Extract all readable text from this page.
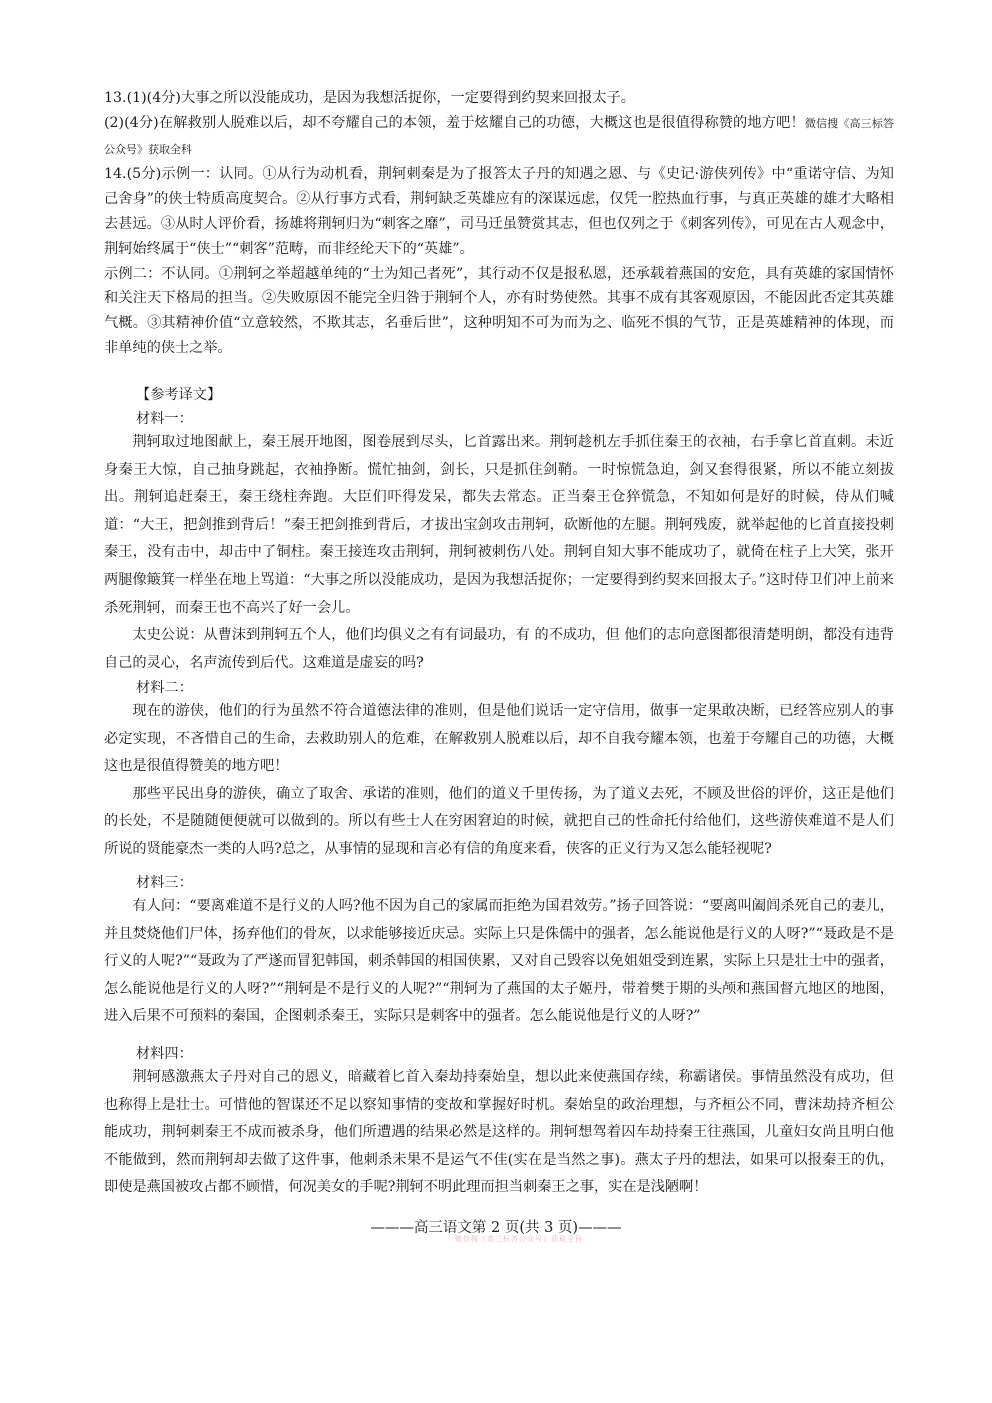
13.(1)(4分)大事之所以没能成功，是因为我想活捉你，一定要得到约契来回报太子。

(2)(4分)在解救别人脱难以后，却不夸耀自己的本领，羞于炫耀自己的功德，大概这也是很值得称赞的地方吧！微信搜《高三标答公众号》获取全科

14.(5分)示例一：认同。①从行为动机看，荆轲刺秦是为了报答太子丹的知遇之恩、与《史记·游侠列传》中“重诺守信、为知己舍身”的侠士特质高度契合。②从行事方式看，荆轲缺乏英雄应有的深谋远虑，仅凭一腔热血行事，与真正英雄的雄才大略相去甚远。③从时人评价看，扬雄将荆轲归为“刺客之靡”，司马迁虽赞赏其志，但也仅列之于《刺客列传》，可见在古人观念中，荆轲始终属于“侠士”“刺客”范畴，而非经纶天下的“英雄”。

示例二：不认同。①荆轲之举超越单纯的“士为知己者死”，其行动不仅是报私恩，还承载着燕国的安危，具有英雄的家国情怀和关注天下格局的担当。②失败原因不能完全归咎于荆轲个人，亦有时势使然。其事不成有其客观原因，不能因此否定其英雄气概。③其精神价值“立意较然，不欺其志，名垂后世”，这种明知不可为而为之、临死不惧的气节，正是英雄精神的体现，而非单纯的侠士之举。

【参考译文】
材料一：

荆轲取过地图献上，秦王展开地图，图卷展到尽头，匕首露出来。荆轲趁机左手抓住秦王的衣袖，右手拿匕首直刺。未近身秦王大惊，自己抽身跳起，衣袖挣断。慌忙抽剑，剑长，只是抓住剑鞘。一时惊慌急迫，剑又套得很紧，所以不能立刻拔出。荆轲追赶秦王，秦王绕柱奔跑。大臣们吓得发呆，都失去常态。正当秦王仓猝慌急，不知如何是好的时候，侍从们喊道：“大王，把剑推到背后！”秦王把剑推到背后，才拔出宝剑攻击荆轲，砍断他的左腿。荆轲残废，就举起他的匕首直接投刺秦王，没有击中，却击中了铜柱。秦王接连攻击荆轲，荆轲被刺伤八处。荆轲自知大事不能成功了，就倚在柱子上大笑，张开两腿像簸箕一样坐在地上骂道：“大事之所以没能成功，是因为我想活捉你；一定要得到约契来回报太子。”这时侍卫们冲上前来杀死荆轲，而秦王也不高兴了好一会儿。

太史公说：从曹沫到荆轲五个人，他们均俱义之有有词最功，有 的不成功，但 他们的志向意图都很清楚明朗，都没有违背自己的灵心，名声流传到后代。这难道是虚妄的吗?

材料二：

现在的游侠，他们的行为虽然不符合道德法律的准则，但是他们说话一定守信用，做事一定果敢决断，已经答应别人的事必定实现，不吝惜自己的生命，去救助别人的危难，在解救别人脱难以后，却不自我夸耀本领，也羞于夸耀自己的功德，大概这也是很值得赞美的地方吧！

那些平民出身的游侠，确立了取舍、承诺的准则，他们的道义千里传扬，为了道义去死，不顾及世俗的评价，这正是他们的长处，不是随随便便就可以做到的。所以有些士人在穷困窘迫的时候，就把自己的性命托付给他们，这些游侠难道不是人们所说的贤能豪杰一类的人吗?总之，从事情的显现和言必有信的角度来看，侠客的正义行为又怎么能轻视呢?

材料三：

有人问：“要离难道不是行义的人吗?他不因为自己的家属而拒绝为国君效劳。”扬子回答说：“要离叫阖闾杀死自己的妻儿，并且焚烧他们尸体，扬弃他们的骨灰，以求能够接近庆忌。实际上只是侏儒中的强者，怎么能说他是行义的人呀?”“聂政是不是行义的人呢?”“聂政为了严遂而冒犯韩国，刺杀韩国的相国侠累，又对自己毁容以免姐姐受到连累，实际上只是壮士中的强者，怎么能说他是行义的人呀?”“荆轲是不是行义的人呢?”“荆轲为了燕国的太子姬丹，带着樊于期的头颅和燕国督亢地区的地图，进入后果不可预料的秦国，企图刺杀秦王，实际只是刺客中的强者。怎么能说他是行义的人呀?”

材料四：

荆轲感激燕太子丹对自己的恩义，暗藏着匕首入秦劫持秦始皇，想以此来使燕国存续，称霸诸侯。事情虽然没有成功，但也称得上是壮士。可惜他的智谋还不足以察知事情的变故和掌握好时机。秦始皇的政治理想，与齐桓公不同，曹沫劫持齐桓公能成功，荆轲刺秦王不成而被杀身，他们所遭遇的结果必然是这样的。荆轲想驾着囚车劫持秦王往燕国，儿童妇女尚且明白他不能做到，然而荆轲却去做了这件事，他刺杀未果不是运气不佳(实在是当然之事)。燕太子丹的想法，如果可以报秦王的仇，即使是燕国被攻占都不顾惜，何况美女的手呢?荆轲不明此理而担当刺秦王之事，实在是浅陋啊！

———高三语文第 2 页(共 3 页)———
微信搜《高三标答公众号》获取全科
